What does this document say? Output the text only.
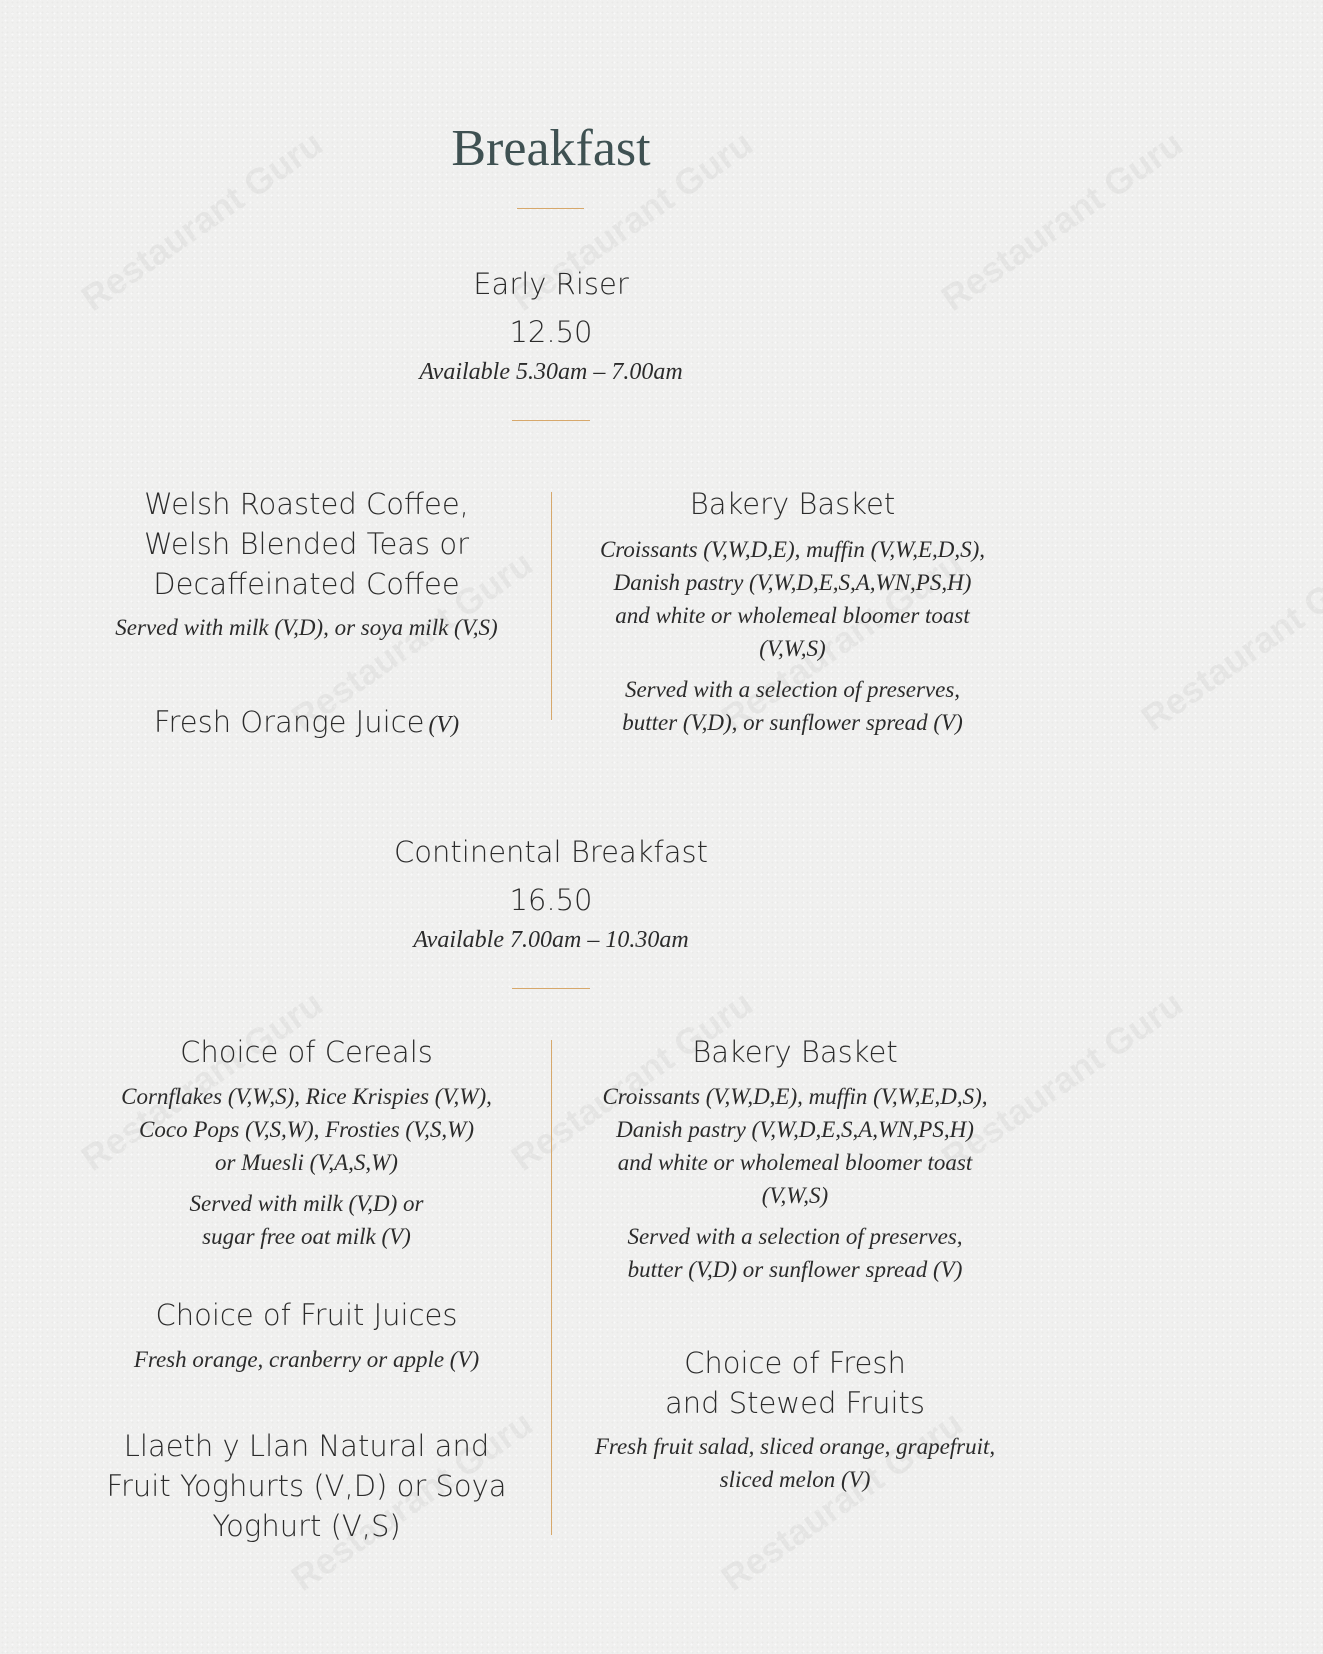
Breakfast
Early Riser
12.50
Available 5.30am – 7.00am
Welsh Roasted Coffee,
Welsh Blended Teas or
Decaffeinated Coffee
Served with milk (V,D), or soya milk (V,S)
Fresh Orange Juice (V)
Bakery Basket
Croissants (V,W,D,E), muffin (V,W,E,D,S),
Danish pastry (V,W,D,E,S,A,WN,PS,H)
and white or wholemeal bloomer toast
(V,W,S)
Served with a selection of preserves,
butter (V,D), or sunflower spread (V)
Continental Breakfast
16.50
Available 7.00am – 10.30am
Choice of Cereals
Cornflakes (V,W,S), Rice Krispies (V,W),
Coco Pops (V,S,W), Frosties (V,S,W)
or Muesli (V,A,S,W)
Served with milk (V,D) or
sugar free oat milk (V)
Choice of Fruit Juices
Fresh orange, cranberry or apple (V)
Llaeth y Llan Natural and
Fruit Yoghurts (V,D) or Soya
Yoghurt (V,S)
Bakery Basket
Croissants (V,W,D,E), muffin (V,W,E,D,S),
Danish pastry (V,W,D,E,S,A,WN,PS,H)
and white or wholemeal bloomer toast
(V,W,S)
Served with a selection of preserves,
butter (V,D) or sunflower spread (V)
Choice of Fresh
and Stewed Fruits
Fresh fruit salad, sliced orange, grapefruit,
sliced melon (V)
